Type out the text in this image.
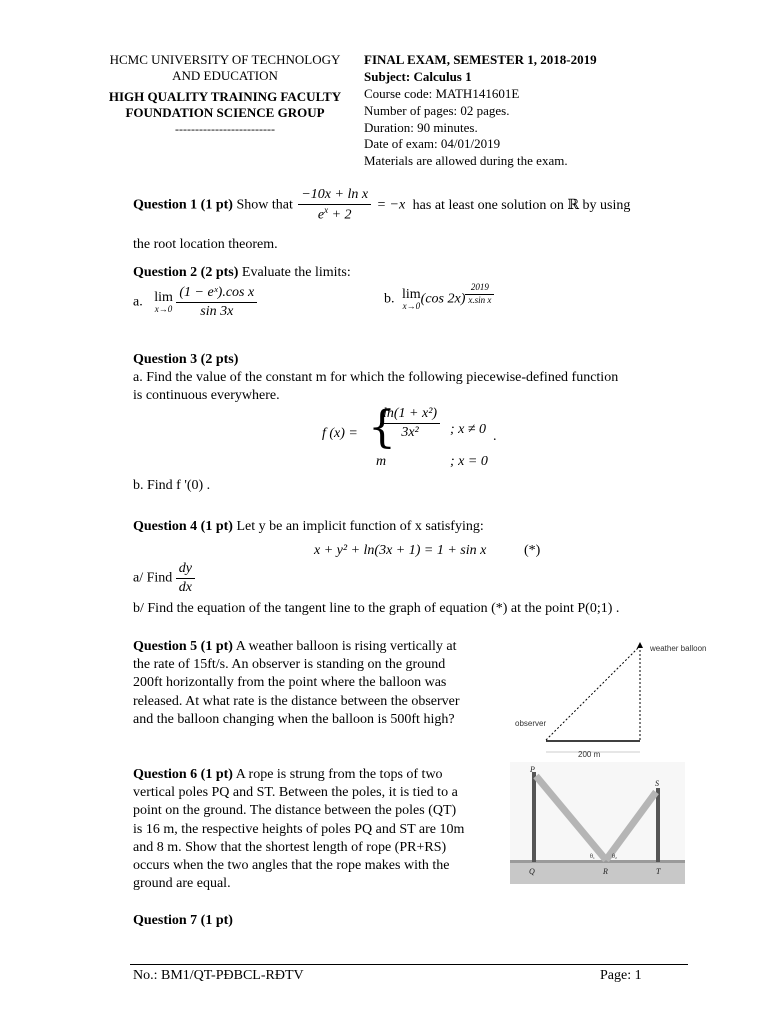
HCMC UNIVERSITY OF TECHNOLOGY
AND EDUCATION
HIGH QUALITY TRAINING FACULTY
FOUNDATION SCIENCE GROUP
-------------------------
FINAL EXAM, SEMESTER 1, 2018-2019
Subject: Calculus 1
Course code: MATH141601E
Number of pages: 02 pages.
Duration: 90 minutes.
Date of exam: 04/01/2019
Materials are allowed during the exam.
Question 1 (1 pt) Show that $\frac{\text{−10x + ln x}}{e^x + 2} = -x$ has at least one solution on ℝ by using
the root location theorem.
Question 2 (2 pts) Evaluate the limits:
a. lim
x→0
$\frac{\text{(1 − eˣ).cos x}}{\sin 3x}$	b. lim
x→0 (cos $2x) \frac{2019}{\text{x.sin x}}$
Question 3 (2 pts)
a. Find the value of the constant m for which the following piecewise-defined function
is continuous everywhere.
f (x) = {
$\frac{\text{ln(1 + x²)}}{\text{3x²}}$ ; x ≠ 0 .
m	; x = 0
b. Find f '(0) .
Question 4 (1 pt) Let y be an implicit function of x satisfying:
x + y² + ln(3x + 1) = 1 + sin x	(*)
a/ Find $\frac{dy}{dx}$
b/ Find the equation of the tangent line to the graph of equation (*) at the point P(0;1) .
Question 5 (1 pt) A weather balloon is rising vertically at
the rate of 15ft/s. An observer is standing on the ground
200ft horizontally from the point where the balloon was
released. At what rate is the distance between the observer
and the balloon changing when the balloon is 500ft high?
weather balloon
observer
200 m
Question 6 (1 pt) A rope is strung from the tops of two
vertical poles PQ and ST. Between the poles, it is tied to a
point on the ground. The distance between the poles (QT)
is 16 m, the respective heights of poles PQ and ST are 10m
and 8 m. Show that the shortest length of rope (PR+RS)
occurs when the two angles that the rope makes with the
ground are equal.
P
S
Q	R	T
θ₁	θ₂
Question 7 (1 pt)
No.: BM1/QT-PĐBCL-RĐTV	Page: 1
